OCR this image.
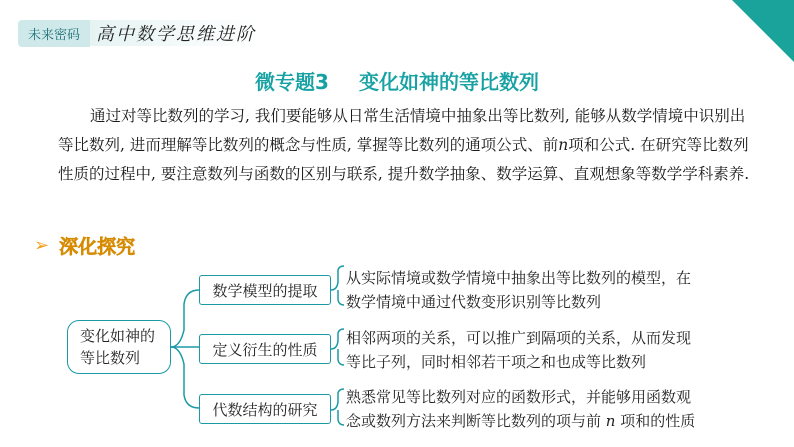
未来密码 高中数学思维进阶
微专题3 变化如神的等比数列
通过对等比数列的学习, 我们要能够从日常生活情境中抽象出等比数列, 能够从数学情境中识别出等比数列, 进而理解等比数列的概念与性质, 掌握等比数列的通项公式、前n项和公式. 在研究等比数列性质的过程中, 要注意数列与函数的区别与联系, 提升数学抽象、数学运算、直观想象等数学学科素养.
➢ 深化探究
变化如神的
等比数列
数学模型的提取
从实际情境或数学情境中抽象出等比数列的模型，在
数学情境中通过代数变形识别等比数列
定义衍生的性质
相邻两项的关系，可以推广到隔项的关系，从而发现
等比子列，同时相邻若干项之和也成等比数列
代数结构的研究
熟悉常见等比数列对应的函数形式，并能够用函数观
念或数列方法来判断等比数列的项与前 n 项和的性质
